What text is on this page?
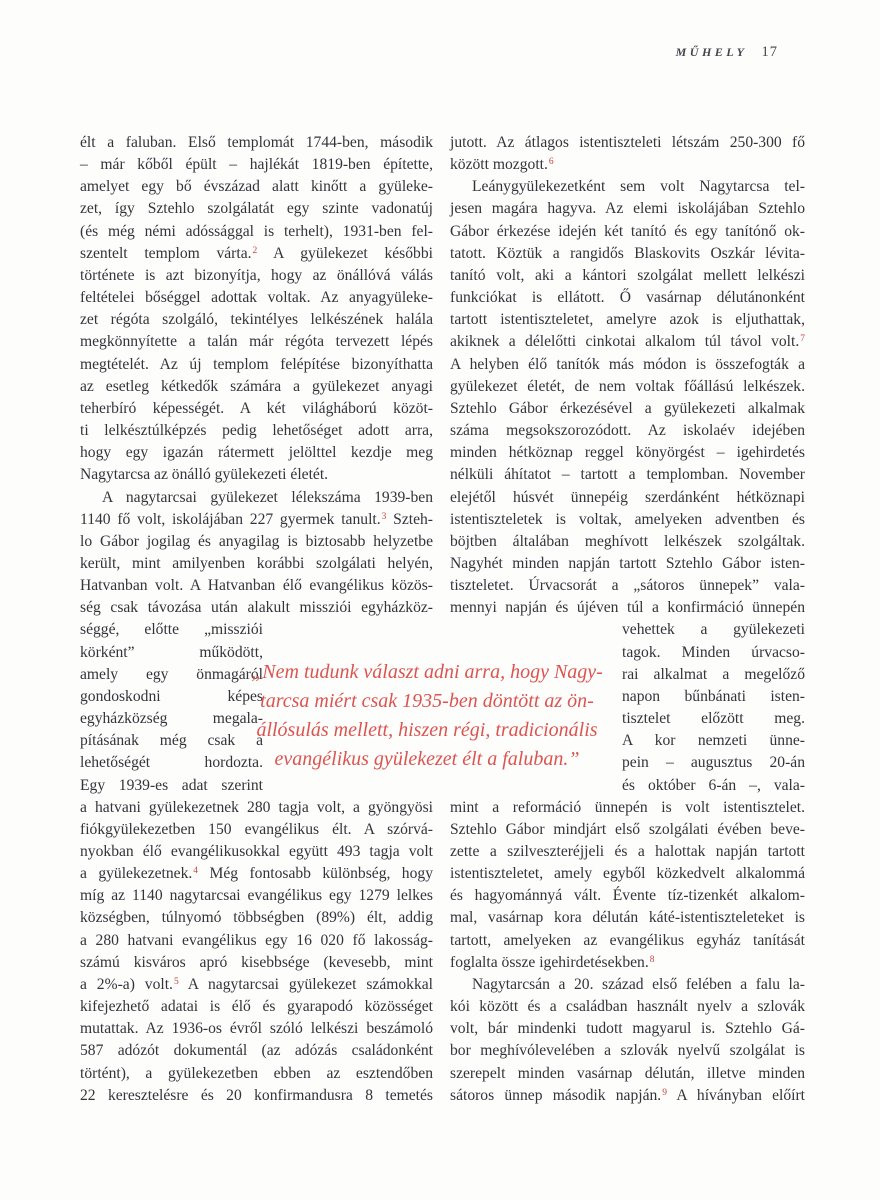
MŰHELY 17
élt a faluban. Első templomát 1744-ben, második
– már kőből épült – hajlékát 1819-ben építette,
amelyet egy bő évszázad alatt kinőtt a gyüleke-
zet, így Sztehlo szolgálatát egy szinte vadonatúj
(és még némi adóssággal is terhelt), 1931-ben fel-
szentelt templom várta.$^2$ A gyülekezet későbbi
története is azt bizonyítja, hogy az önállóvá válás
feltételei bőséggel adottak voltak. Az anyagyüleke-
zet régóta szolgáló, tekintélyes lelkészének halála
megkönnyítette a talán már régóta tervezett lépés
megtételét. Az új templom felépítése bizonyíthatta
az esetleg kétkedők számára a gyülekezet anyagi
teherbíró képességét. A két világháború közöt-
ti lelkésztúlképzés pedig lehetőséget adott arra,
hogy egy igazán rátermett jelölttel kezdje meg
Nagytarcsa az önálló gyülekezeti életét.
A nagytarcsai gyülekezet lélekszáma 1939-ben
1140 fő volt, iskolájában 227 gyermek tanult.$^3$ Szteh-
lo Gábor jogilag és anyagilag is biztosabb helyzetbe
került, mint amilyenben korábbi szolgálati helyén,
Hatvanban volt. A Hatvanban élő evangélikus közös-
ség csak távozása után alakult missziói egyházköz-
séggé, előtte „missziói
körként” működött,
amely egy önmagáról
gondoskodni képes
egyházközség megala-
pításának még csak a
lehetőségét hordozta.
Egy 1939-es adat szerint
a hatvani gyülekezetnek 280 tagja volt, a gyöngyösi
fiókgyülekezetben 150 evangélikus élt. A szórvá-
nyokban élő evangélikusokkal együtt 493 tagja volt
a gyülekezetnek.$^4$ Még fontosabb különbség, hogy
míg az 1140 nagytarcsai evangélikus egy 1279 lelkes
községben, túlnyomó többségben (89%) élt, addig
a 280 hatvani evangélikus egy 16 020 fő lakosság-
számú kisváros apró kisebbsége (kevesebb, mint
a 2%-a) volt.$^5$ A nagytarcsai gyülekezet számokkal
kifejezhető adatai is élő és gyarapodó közösséget
mutattak. Az 1936-os évről szóló lelkészi beszámoló
587 adózót dokumentál (az adózás családonként
történt), a gyülekezetben ebben az esztendőben
22 keresztelésre és 20 konfirmandusra 8 temetés
jutott. Az átlagos istentiszteleti létszám 250-300 fő
között mozgott.$^6$
Leánygyülekezetként sem volt Nagytarcsa tel-
jesen magára hagyva. Az elemi iskolájában Sztehlo
Gábor érkezése idején két tanító és egy tanítónő ok-
tatott. Köztük a rangidős Blaskovits Oszkár lévita-
tanító volt, aki a kántori szolgálat mellett lelkészi
funkciókat is ellátott. Ő vasárnap délutánonként
tartott istentiszteletet, amelyre azok is eljuthattak,
akiknek a délelőtti cinkotai alkalom túl távol volt.$^7$
A helyben élő tanítók más módon is összefogták a
gyülekezet életét, de nem voltak főállású lelkészek.
Sztehlo Gábor érkezésével a gyülekezeti alkalmak
száma megsokszorozódott. Az iskolaév idejében
minden hétköznap reggel könyörgést – igehirdetés
nélküli áhítatot – tartott a templomban. November
elejétől húsvét ünnepéig szerdánként hétköznapi
istentiszteletek is voltak, amelyeken adventben és
böjtben általában meghívott lelkészek szolgáltak.
Nagyhét minden napján tartott Sztehlo Gábor isten-
tiszteletet. Úrvacsorát a „sátoros ünnepek” vala-
mennyi napján és újéven túl a konfirmáció ünnepén
vehettek a gyülekezeti
tagok. Minden úrvacso-
rai alkalmat a megelőző
napon bűnbánati isten-
tisztelet előzött meg.
A kor nemzeti ünne-
pein – augusztus 20-án
és október 6-án –, vala-
mint a reformáció ünnepén is volt istentisztelet.
Sztehlo Gábor mindjárt első szolgálati évében beve-
zette a szilveszteréjjeli és a halottak napján tartott
istentiszteletet, amely egyből közkedvelt alkalommá
és hagyománnyá vált. Évente tíz-tizenkét alkalom-
mal, vasárnap kora délután káté-istentiszteleteket is
tartott, amelyeken az evangélikus egyház tanítását
foglalta össze igehirdetésekben.$^8$
Nagytarcsán a 20. század első felében a falu la-
kói között és a családban használt nyelv a szlovák
volt, bár mindenki tudott magyarul is. Sztehlo Gá-
bor meghívólevelében a szlovák nyelvű szolgálat is
szerepelt minden vasárnap délután, illetve minden
sátoros ünnep második napján.$^9$ A híványban előírt
„Nem tudunk választ adni arra, hogy Nagy-
tarcsa miért csak 1935-ben döntött az ön-
állósulás mellett, hiszen régi, tradicionális
evangélikus gyülekezet élt a faluban.”
